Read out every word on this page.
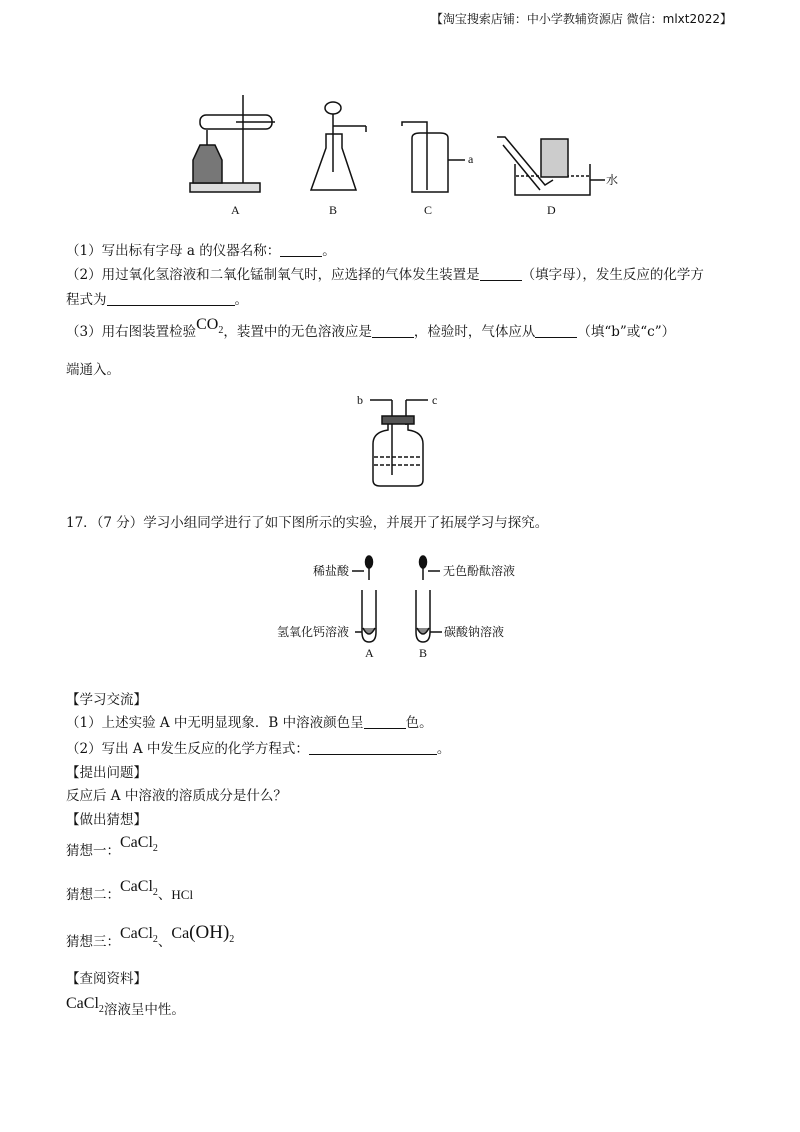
【淘宝搜索店铺：中小学教辅资源店 微信：mlxt2022】
A	B
a
C
水
D
（1）写出标有字母 a 的仪器名称：	。
（2）用过氧化氢溶液和二氧化锰制氧气时，应选择的气体发生装置是	（填字母），发生反应的化学方
程式为	。
（3）用右图装置检验$CO_2$，装置中的无色溶液应是	，检验时，气体应从	（填“b”或“c”）
端通入。
b	c
17．（7 分）学习小组同学进行了如下图所示的实验，并展开了拓展学习与探究。
稀盐酸	无色酚酞溶液
氢氧化钙溶液	碳酸钠溶液
A	B
【学习交流】
（1）上述实验 A 中无明显现象．B 中溶液颜色呈	色。
（2）写出 A 中发生反应的化学方程式：	。
【提出问题】
反应后 A 中溶液的溶质成分是什么？
【做出猜想】
猜想一：CaCl$_2$
猜想二：CaCl$_2$、HCl
猜想三：CaCl$_2$、$Ca(OH)_2$
【查阅资料】
CaCl$_2$溶液呈中性。
